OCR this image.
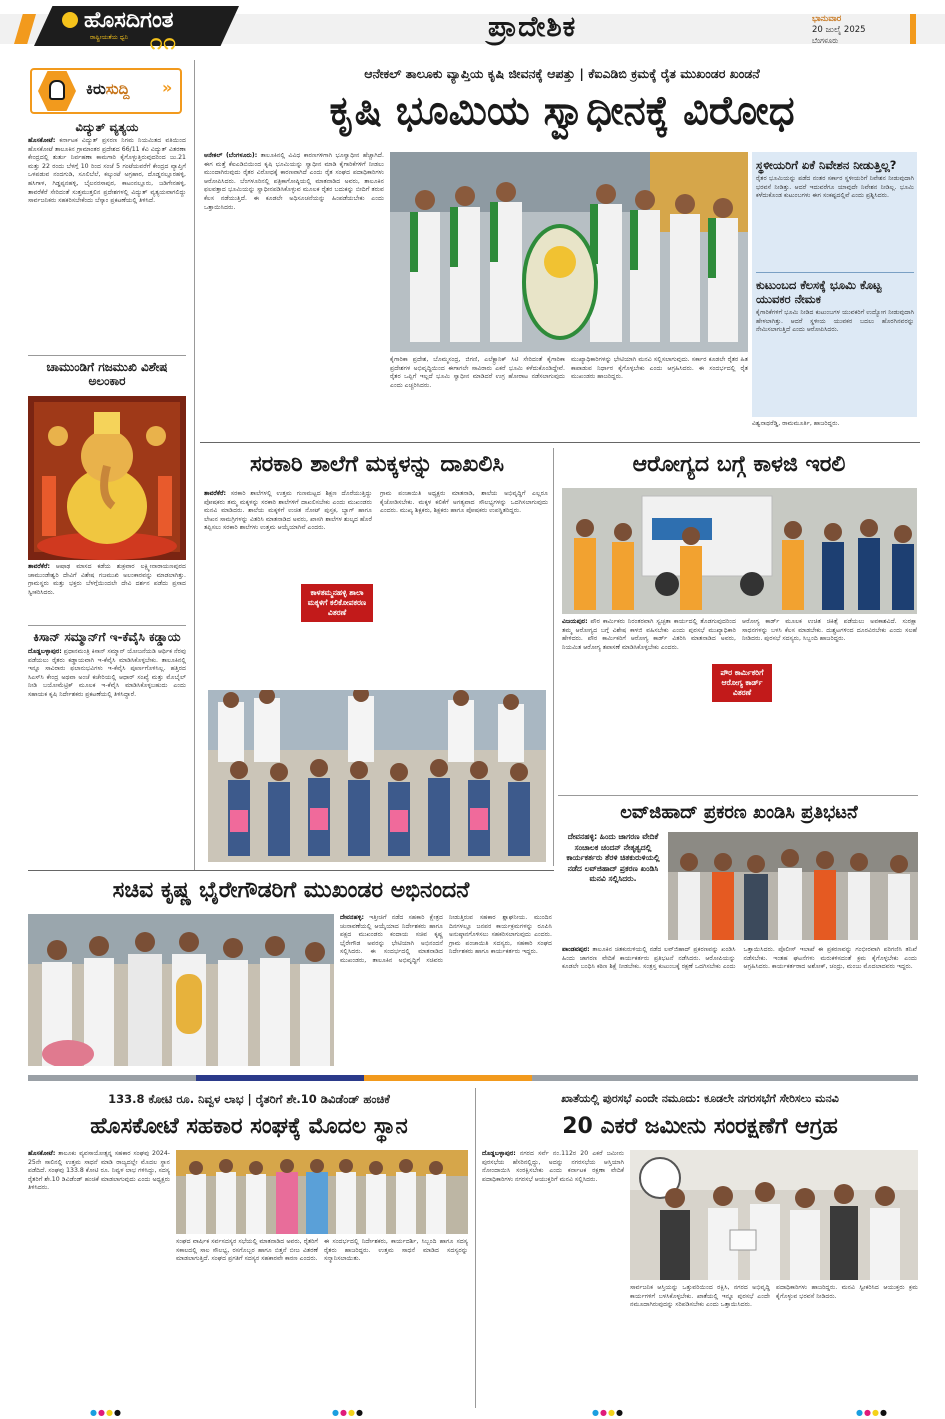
ಹೊಸದಿಗಂತ
ರಾಷ್ಟ್ರೀಯತೆಯ ಧ್ವನಿ ೧೧	ಪ್ರಾದೇಶಿಕ	ಭಾನುವಾರ
20 ಜುಲೈ 2025
ಬೆಂಗಳೂರು
ಕಿರುಸುದ್ದಿ »
ವಿದ್ಯುತ್ ವ್ಯತ್ಯಯ
ಹೊಸಕೋಟೆ: ಕರ್ನಾಟಕ ವಿದ್ಯುತ್ ಪ್ರಸರಣ ನಿಗಮ ನಿಯಮಿತದ ವತಿಯಿಂದ ಹೊಸಕೋಟೆ ತಾಲೂಕಿನ ಗ್ರಾಮಾಂತರ ಪ್ರದೇಶದ 66/11 ಕೆವಿ ವಿದ್ಯುತ್ ವಿತರಣಾ ಕೇಂದ್ರದಲ್ಲಿ ತುರ್ತು ನಿರ್ವಹಣಾ ಕಾಮಗಾರಿ ಕೈಗೊಳ್ಳುತ್ತಿರುವುದರಿಂದ ಜು.21 ಮತ್ತು 22 ರಂದು ಬೆಳಗ್ಗೆ 10 ರಿಂದ ಸಂಜೆ 5 ಗಂಟೆಯವರೆಗೆ ಕೇಂದ್ರದ ವ್ಯಾಪ್ತಿಗೆ ಒಳಪಡುವ ನಂದಗುಡಿ, ಸೂಲಿಬೆಲೆ, ಕಲ್ಕುಂಟೆ ಅಗ್ರಹಾರ, ದೊಡ್ಡನಲ್ಲೂರಹಳ್ಳಿ, ಹಸಿಗಾಳ, ಗಿಡ್ಡಪ್ಪನಹಳ್ಳಿ, ಬೈಲನರಸಾಪುರ, ಕಾಟಂನಲ್ಲೂರು, ಜಡಿಗೇನಹಳ್ಳಿ, ತಾವರೆಕೆರೆ ಸೇರಿದಂತೆ ಸುತ್ತಮುತ್ತಲಿನ ಪ್ರದೇಶಗಳಲ್ಲಿ ವಿದ್ಯುತ್ ವ್ಯತ್ಯಯವಾಗಲಿದ್ದು ಸಾರ್ವಜನಿಕರು ಸಹಕರಿಸಬೇಕೆಂದು ಬೆಸ್ಕಾಂ ಪ್ರಕಟಣೆಯಲ್ಲಿ ತಿಳಿಸಿದೆ.
ಚಾಮುಂಡಿಗೆ ಗಜಮುಖಿ ವಿಶೇಷ ಅಲಂಕಾರ
ತಾವರೆಕೆರೆ: ಆಷಾಢ ಮಾಸದ ಕಡೆಯ ಶುಕ್ರವಾರ ಲಕ್ಷ್ಮೀನಾರಾಯಣಪುರದ ಚಾಮುಂಡೇಶ್ವರಿ ದೇವಿಗೆ ವಿಶೇಷ ಗಜಮುಖಿ ಅಲಂಕಾರವನ್ನು ಮಾಡಲಾಗಿತ್ತು. ಗ್ರಾಮಸ್ಥರು ಮತ್ತು ಭಕ್ತರು ಬೆಳಗ್ಗೆಯಿಂದಲೇ ದೇವಿ ದರ್ಶನ ಪಡೆದು ಪ್ರಸಾದ ಸ್ವೀಕರಿಸಿದರು.
ಕಿಸಾನ್ ಸಮ್ಮಾನ್‌ಗೆ ಇ-ಕೆವೈಸಿ ಕಡ್ಡಾಯ
ದೊಡ್ಡಬಳ್ಳಾಪುರ: ಪ್ರಧಾನಮಂತ್ರಿ ಕಿಸಾನ್ ಸಮ್ಮಾನ್ ಯೋಜನೆಯಡಿ ಆರ್ಥಿಕ ನೆರವು ಪಡೆಯಲು ರೈತರು ಕಡ್ಡಾಯವಾಗಿ ಇ-ಕೆವೈಸಿ ಮಾಡಿಸಿಕೊಳ್ಳಬೇಕು. ತಾಲೂಕಿನಲ್ಲಿ ಇನ್ನೂ ಸಾವಿರಾರು ಫಲಾನುಭವಿಗಳು ಇ-ಕೆವೈಸಿ ಪೂರ್ಣಗೊಳಿಸಿಲ್ಲ. ಹತ್ತಿರದ ಸಿಎಸ್‌ಸಿ ಕೇಂದ್ರ ಅಥವಾ ಅಂಚೆ ಕಚೇರಿಯಲ್ಲಿ ಆಧಾರ್ ಸಂಖ್ಯೆ ಮತ್ತು ಮೊಬೈಲ್ ನೀಡಿ ಬಯೋಮೆಟ್ರಿಕ್ ಮೂಲಕ ಇ-ಕೆವೈಸಿ ಮಾಡಿಸಿಕೊಳ್ಳಬಹುದು ಎಂದು ಸಹಾಯಕ ಕೃಷಿ ನಿರ್ದೇಶಕರು ಪ್ರಕಟಣೆಯಲ್ಲಿ ತಿಳಿಸಿದ್ದಾರೆ.
ಆನೇಕಲ್ ತಾಲೂಕು ವ್ಯಾಪ್ತಿಯ ಕೃಷಿ ಜೀವನಕ್ಕೆ ಆಪತ್ತು | ಕೆಐಎಡಿಬಿ ಕ್ರಮಕ್ಕೆ ರೈತ ಮುಖಂಡರ ಖಂಡನೆ
ಕೃಷಿ ಭೂಮಿಯ ಸ್ವಾಧೀನಕ್ಕೆ ವಿರೋಧ
ಆನೇಕಲ್ (ಬೆಂಗಳೂರು): ತಾಲೂಕಿನಲ್ಲಿ ವಿವಿಧ ಕಾರಣಗಳಿಗಾಗಿ ಭೂಸ್ವಾಧೀನ ಹೆಚ್ಚಾಗಿದೆ. ಈಗ ಮತ್ತೆ ಕೆಐಎಡಿಬಿಯಿಂದ ಕೃಷಿ ಭೂಮಿಯನ್ನು ಸ್ವಾಧೀನ ಮಾಡಿ ಕೈಗಾರಿಕೆಗಳಿಗೆ ನೀಡಲು ಮುಂದಾಗಿರುವುದು ರೈತರ ವಿರೋಧಕ್ಕೆ ಕಾರಣವಾಗಿದೆ ಎಂದು ರೈತ ಸಂಘದ ಪದಾಧಿಕಾರಿಗಳು ಆರೋಪಿಸಿದರು. ಬೆಂಗಳೂರಿನಲ್ಲಿ ಪತ್ರಿಕಾಗೋಷ್ಠಿಯಲ್ಲಿ ಮಾತನಾಡಿದ ಅವರು, ತಾಲೂಕಿನ ಫಲವತ್ತಾದ ಭೂಮಿಯನ್ನು ಸ್ವಾಧೀನಪಡಿಸಿಕೊಳ್ಳುವ ಮೂಲಕ ರೈತರ ಬದುಕನ್ನು ಬೀದಿಗೆ ತರುವ ಕೆಲಸ ನಡೆಯುತ್ತಿದೆ. ಈ ಕೂಡಲೇ ಅಧಿಸೂಚನೆಯನ್ನು ಹಿಂಪಡೆಯಬೇಕು ಎಂದು ಒತ್ತಾಯಿಸಿದರು.
ಕೈಗಾರಿಕಾ ಪ್ರದೇಶ, ಬೊಮ್ಮಸಂದ್ರ, ಜಿಗಣಿ, ಎಲೆಕ್ಟ್ರಾನಿಕ್ ಸಿಟಿ ಸೇರಿದಂತೆ ಕೈಗಾರಿಕಾ ಪ್ರದೇಶಗಳ ಅಭಿವೃದ್ಧಿಯಿಂದ ಈಗಾಗಲೇ ಸಾವಿರಾರು ಎಕರೆ ಭೂಮಿ ಕಳೆದುಕೊಂಡಿದ್ದೇವೆ. ರೈತರ ಒಪ್ಪಿಗೆ ಇಲ್ಲದೆ ಭೂಮಿ ಸ್ವಾಧೀನ ಮಾಡಿದರೆ ಉಗ್ರ ಹೋರಾಟ ನಡೆಸಲಾಗುವುದು ಎಂದು ಎಚ್ಚರಿಸಿದರು.
ಮುಖ್ಯಾಧಿಕಾರಿಗಳನ್ನು ಭೇಟಿಯಾಗಿ ಮನವಿ ಸಲ್ಲಿಸಲಾಗುವುದು. ಸರ್ಕಾರ ಕೂಡಲೇ ರೈತರ ಹಿತ ಕಾಪಾಡುವ ನಿರ್ಧಾರ ಕೈಗೊಳ್ಳಬೇಕು ಎಂದು ಆಗ್ರಹಿಸಿದರು. ಈ ಸಂದರ್ಭದಲ್ಲಿ ರೈತ ಮುಖಂಡರು ಹಾಜರಿದ್ದರು.
ಸ್ಥಳೀಯರಿಗೆ ಏಕೆ ನಿವೇಶನ ನೀಡುತ್ತಿಲ್ಲ?
ರೈತರ ಭೂಮಿಯನ್ನು ಪಡೆದ ನಂತರ ಸರ್ಕಾರ ಸ್ಥಳೀಯರಿಗೆ ನಿವೇಶನ ನೀಡುವುದಾಗಿ ಭರವಸೆ ನೀಡಿತ್ತು. ಆದರೆ ಇದುವರೆಗೂ ಯಾವುದೇ ನಿವೇಶನ ನೀಡಿಲ್ಲ. ಭೂಮಿ ಕಳೆದುಕೊಂಡ ಕುಟುಂಬಗಳು ಈಗ ಸಂಕಷ್ಟದಲ್ಲಿವೆ ಎಂದು ಪ್ರಶ್ನಿಸಿದರು.
ಕುಟುಂಬದ ಕೆಲಸಕ್ಕೆ ಭೂಮಿ ಕೊಟ್ಟ ಯುವಕರ ನೇಮಕ
ಕೈಗಾರಿಕೆಗಳಿಗೆ ಭೂಮಿ ನೀಡಿದ ಕುಟುಂಬಗಳ ಯುವಕರಿಗೆ ಉದ್ಯೋಗ ನೀಡುವುದಾಗಿ ಹೇಳಲಾಗಿತ್ತು. ಆದರೆ ಸ್ಥಳೀಯ ಯುವಕರ ಬದಲು ಹೊರಗಿನವರನ್ನು ನೇಮಿಸಲಾಗುತ್ತಿದೆ ಎಂದು ಆರೋಪಿಸಿದರು.
ವಿಶ್ವನಾಥರೆಡ್ಡಿ, ರಾಮಮೂರ್ತಿ, ಹಾಜರಿದ್ದರು.
ಸರಕಾರಿ ಶಾಲೆಗೆ ಮಕ್ಕಳನ್ನು ದಾಖಲಿಸಿ
ತಾವರೆಕೆರೆ: ಸರಕಾರಿ ಶಾಲೆಗಳಲ್ಲಿ ಉತ್ತಮ ಗುಣಮಟ್ಟದ ಶಿಕ್ಷಣ ದೊರೆಯುತ್ತಿದ್ದು ಪೋಷಕರು ತಮ್ಮ ಮಕ್ಕಳನ್ನು ಸರಕಾರಿ ಶಾಲೆಗಳಿಗೆ ದಾಖಲಿಸಬೇಕು ಎಂದು ಮುಖಂಡರು ಮನವಿ ಮಾಡಿದರು. ಶಾಲೆಯ ಮಕ್ಕಳಿಗೆ ಉಚಿತ ನೋಟ್ ಪುಸ್ತಕ, ಬ್ಯಾಗ್ ಹಾಗೂ ಲೇಖನ ಸಾಮಗ್ರಿಗಳನ್ನು ವಿತರಿಸಿ ಮಾತನಾಡಿದ ಅವರು, ಖಾಸಗಿ ಶಾಲೆಗಳ ಶುಲ್ಕದ ಹೊರೆ ತಪ್ಪಿಸಲು ಸರಕಾರಿ ಶಾಲೆಗಳು ಉತ್ತಮ ಆಯ್ಕೆಯಾಗಿವೆ ಎಂದರು.
ಕಾಳತಮ್ಮನಹಳ್ಳಿ ಶಾಲಾ ಮಕ್ಕಳಿಗೆ ಕಲಿಕೋಪಕರಣ ವಿತರಣೆ
ಗ್ರಾಮ ಪಂಚಾಯಿತಿ ಅಧ್ಯಕ್ಷರು ಮಾತನಾಡಿ, ಶಾಲೆಯ ಅಭಿವೃದ್ಧಿಗೆ ಎಲ್ಲರೂ ಕೈಜೋಡಿಸಬೇಕು. ಮಕ್ಕಳ ಕಲಿಕೆಗೆ ಅಗತ್ಯವಾದ ಸೌಲಭ್ಯಗಳನ್ನು ಒದಗಿಸಲಾಗುವುದು ಎಂದರು. ಮುಖ್ಯ ಶಿಕ್ಷಕರು, ಶಿಕ್ಷಕರು ಹಾಗೂ ಪೋಷಕರು ಉಪಸ್ಥಿತರಿದ್ದರು.
ಆರೋಗ್ಯದ ಬಗ್ಗೆ ಕಾಳಜಿ ಇರಲಿ
ವಿಜಯಪುರ: ಪೌರ ಕಾರ್ಮಿಕರು ನಿರಂತರವಾಗಿ ಸ್ವಚ್ಛತಾ ಕಾರ್ಯದಲ್ಲಿ ತೊಡಗುವುದರಿಂದ ತಮ್ಮ ಆರೋಗ್ಯದ ಬಗ್ಗೆ ವಿಶೇಷ ಕಾಳಜಿ ವಹಿಸಬೇಕು ಎಂದು ಪುರಸಭೆ ಮುಖ್ಯಾಧಿಕಾರಿ ಹೇಳಿದರು. ಪೌರ ಕಾರ್ಮಿಕರಿಗೆ ಆರೋಗ್ಯ ಕಾರ್ಡ್ ವಿತರಿಸಿ ಮಾತನಾಡಿದ ಅವರು, ನಿಯಮಿತ ಆರೋಗ್ಯ ತಪಾಸಣೆ ಮಾಡಿಸಿಕೊಳ್ಳಬೇಕು ಎಂದರು.
ಪೌರ ಕಾರ್ಮಿಕರಿಗೆ ಆರೋಗ್ಯ ಕಾರ್ಡ್ ವಿತರಣೆ
ಆರೋಗ್ಯ ಕಾರ್ಡ್ ಮೂಲಕ ಉಚಿತ ಚಿಕಿತ್ಸೆ ಪಡೆಯಲು ಅವಕಾಶವಿದೆ. ಸುರಕ್ಷಾ ಸಾಧನಗಳನ್ನು ಬಳಸಿ ಕೆಲಸ ಮಾಡಬೇಕು. ದುಶ್ಚಟಗಳಿಂದ ದೂರವಿರಬೇಕು ಎಂದು ಸಲಹೆ ನೀಡಿದರು. ಪುರಸಭೆ ಸದಸ್ಯರು, ಸಿಬ್ಬಂದಿ ಹಾಜರಿದ್ದರು.
ಲವ್‌ಜಿಹಾದ್ ಪ್ರಕರಣ ಖಂಡಿಸಿ ಪ್ರತಿಭಟನೆ
ದೇವನಹಳ್ಳಿ: ಹಿಂದು ಜಾಗರಣ ವೇದಿಕೆ ಸಂಚಾಲಕ ಚಂದನ್ ನೇತೃತ್ವದಲ್ಲಿ ಕಾರ್ಯಕರ್ತರು ತೆರಳಿ ಚಿತಕುರುಳಿಯಲ್ಲಿ ನಡೆದ ಲವ್‌ಜಿಹಾದ್ ಪ್ರಕರಣ ಖಂಡಿಸಿ ಮನವಿ ಸಲ್ಲಿಸಿದರು.
ಪಾಂಡವಪುರ: ತಾಲೂಕಿನ ಚಿತಕುರುಳಿಯಲ್ಲಿ ನಡೆದ ಲವ್‌ಜಿಹಾದ್ ಪ್ರಕರಣವನ್ನು ಖಂಡಿಸಿ ಹಿಂದು ಜಾಗರಣ ವೇದಿಕೆ ಕಾರ್ಯಕರ್ತರು ಪ್ರತಿಭಟನೆ ನಡೆಸಿದರು. ಆರೋಪಿಯನ್ನು ಕೂಡಲೇ ಬಂಧಿಸಿ ಕಠಿಣ ಶಿಕ್ಷೆ ನೀಡಬೇಕು. ಸಂತ್ರಸ್ತ ಕುಟುಂಬಕ್ಕೆ ರಕ್ಷಣೆ ಒದಗಿಸಬೇಕು ಎಂದು ಒತ್ತಾಯಿಸಿದರು. ಪೊಲೀಸ್ ಇಲಾಖೆ ಈ ಪ್ರಕರಣವನ್ನು ಗಂಭೀರವಾಗಿ ಪರಿಗಣಿಸಿ ತನಿಖೆ ನಡೆಸಬೇಕು. ಇಂತಹ ಘಟನೆಗಳು ಮರುಕಳಿಸದಂತೆ ಕ್ರಮ ಕೈಗೊಳ್ಳಬೇಕು ಎಂದು ಆಗ್ರಹಿಸಿದರು. ಕಾರ್ಯಕರ್ತರಾದ ಅಶೋಕ್, ಚಂದ್ರು, ಮಂಜು ಮೊದಲಾದವರು ಇದ್ದರು.
ಸಚಿವ ಕೃಷ್ಣ ಭೈರೇಗೌಡರಿಗೆ ಮುಖಂಡರ ಅಭಿನಂದನೆ
ದೇವನಹಳ್ಳಿ: ಇತ್ತೀಚಿಗೆ ನಡೆದ ಸಹಕಾರಿ ಕ್ಷೇತ್ರದ ಚುನಾವಣೆಯಲ್ಲಿ ಆಯ್ಕೆಯಾದ ನಿರ್ದೇಶಕರು ಹಾಗೂ ಪಕ್ಷದ ಮುಖಂಡರು ಕಂದಾಯ ಸಚಿವ ಕೃಷ್ಣ ಭೈರೇಗೌಡ ಅವರನ್ನು ಭೇಟಿಯಾಗಿ ಅಭಿನಂದನೆ ಸಲ್ಲಿಸಿದರು. ಈ ಸಂದರ್ಭದಲ್ಲಿ ಮಾತನಾಡಿದ ಮುಖಂಡರು, ತಾಲೂಕಿನ ಅಭಿವೃದ್ಧಿಗೆ ಸಚಿವರು ನೀಡುತ್ತಿರುವ ಸಹಕಾರ ಶ್ಲಾಘನೀಯ. ಮುಂದಿನ ದಿನಗಳಲ್ಲೂ ಜನಪರ ಕಾರ್ಯಕ್ರಮಗಳನ್ನು ರೂಪಿಸಿ ಅನುಷ್ಠಾನಗೊಳಿಸಲು ಸಹಕರಿಸಲಾಗುವುದು ಎಂದರು. ಗ್ರಾಮ ಪಂಚಾಯಿತಿ ಸದಸ್ಯರು, ಸಹಕಾರಿ ಸಂಘದ ನಿರ್ದೇಶಕರು ಹಾಗೂ ಕಾರ್ಯಕರ್ತರು ಇದ್ದರು.
133.8 ಕೋಟಿ ರೂ. ನಿವ್ವಳ ಲಾಭ | ರೈತರಿಗೆ ಶೇ.10 ಡಿವಿಡೆಂಡ್ ಹಂಚಿಕೆ
ಹೊಸಕೋಟೆ ಸಹಕಾರ ಸಂಘಕ್ಕೆ ಮೊದಲ ಸ್ಥಾನ
ಹೊಸಕೋಟೆ: ತಾಲೂಕು ವ್ಯವಸಾಯೋತ್ಪನ್ನ ಸಹಕಾರ ಸಂಘವು 2024-25ನೇ ಸಾಲಿನಲ್ಲಿ ಉತ್ತಮ ಸಾಧನೆ ಮಾಡಿ ರಾಜ್ಯದಲ್ಲೇ ಮೊದಲ ಸ್ಥಾನ ಪಡೆದಿದೆ. ಸಂಘವು 133.8 ಕೋಟಿ ರೂ. ನಿವ್ವಳ ಲಾಭ ಗಳಿಸಿದ್ದು, ಸದಸ್ಯ ರೈತರಿಗೆ ಶೇ.10 ಡಿವಿಡೆಂಡ್ ಹಂಚಿಕೆ ಮಾಡಲಾಗುವುದು ಎಂದು ಅಧ್ಯಕ್ಷರು ತಿಳಿಸಿದರು.
ಸಂಘದ ವಾರ್ಷಿಕ ಸರ್ವಸದಸ್ಯರ ಸಭೆಯಲ್ಲಿ ಮಾತನಾಡಿದ ಅವರು, ರೈತರಿಗೆ ಸಕಾಲದಲ್ಲಿ ಸಾಲ ಸೌಲಭ್ಯ, ರಸಗೊಬ್ಬರ ಹಾಗೂ ಬಿತ್ತನೆ ಬೀಜ ವಿತರಣೆ ಮಾಡಲಾಗುತ್ತಿದೆ. ಸಂಘದ ಪ್ರಗತಿಗೆ ಸದಸ್ಯರ ಸಹಕಾರವೇ ಕಾರಣ ಎಂದರು.
ಈ ಸಂದರ್ಭದಲ್ಲಿ ನಿರ್ದೇಶಕರು, ಕಾರ್ಯದರ್ಶಿ, ಸಿಬ್ಬಂದಿ ಹಾಗೂ ಸದಸ್ಯ ರೈತರು ಹಾಜರಿದ್ದರು. ಉತ್ತಮ ಸಾಧನೆ ಮಾಡಿದ ಸದಸ್ಯರನ್ನು ಸನ್ಮಾನಿಸಲಾಯಿತು.
ಖಾತೆಯಲ್ಲಿ ಪುರಸಭೆ ಎಂದೇ ನಮೂದು: ಕೂಡಲೇ ನಗರಸಭೆಗೆ ಸೇರಿಸಲು ಮನವಿ
20 ಎಕರೆ ಜಮೀನು ಸಂರಕ್ಷಣೆಗೆ ಆಗ್ರಹ
ದೊಡ್ಡಬಳ್ಳಾಪುರ: ನಗರದ ಸರ್ವೆ ನಂ.112ರ 20 ಎಕರೆ ಜಮೀನು ಪುರಸಭೆಯ ಹೆಸರಿನಲ್ಲಿದ್ದು, ಅದನ್ನು ನಗರಸಭೆಯ ಆಸ್ತಿಯಾಗಿ ನೋಂದಾಯಿಸಿ ಸಂರಕ್ಷಿಸಬೇಕು ಎಂದು ಕರ್ನಾಟಕ ರಕ್ಷಣಾ ವೇದಿಕೆ ಪದಾಧಿಕಾರಿಗಳು ನಗರಸಭೆ ಆಯುಕ್ತರಿಗೆ ಮನವಿ ಸಲ್ಲಿಸಿದರು.
ಸಾರ್ವಜನಿಕ ಆಸ್ತಿಯನ್ನು ಒತ್ತುವರಿಯಿಂದ ರಕ್ಷಿಸಿ, ನಗರದ ಅಭಿವೃದ್ಧಿ ಕಾರ್ಯಗಳಿಗೆ ಬಳಸಿಕೊಳ್ಳಬೇಕು. ಖಾತೆಯಲ್ಲಿ ಇನ್ನೂ ಪುರಸಭೆ ಎಂದೇ ನಮೂದಾಗಿರುವುದನ್ನು ಸರಿಪಡಿಸಬೇಕು ಎಂದು ಒತ್ತಾಯಿಸಿದರು.
ಪದಾಧಿಕಾರಿಗಳು ಹಾಜರಿದ್ದರು. ಮನವಿ ಸ್ವೀಕರಿಸಿದ ಆಯುಕ್ತರು ಕ್ರಮ ಕೈಗೊಳ್ಳುವ ಭರವಸೆ ನೀಡಿದರು.
●●●●	●●●●	●●●●	●●●●
